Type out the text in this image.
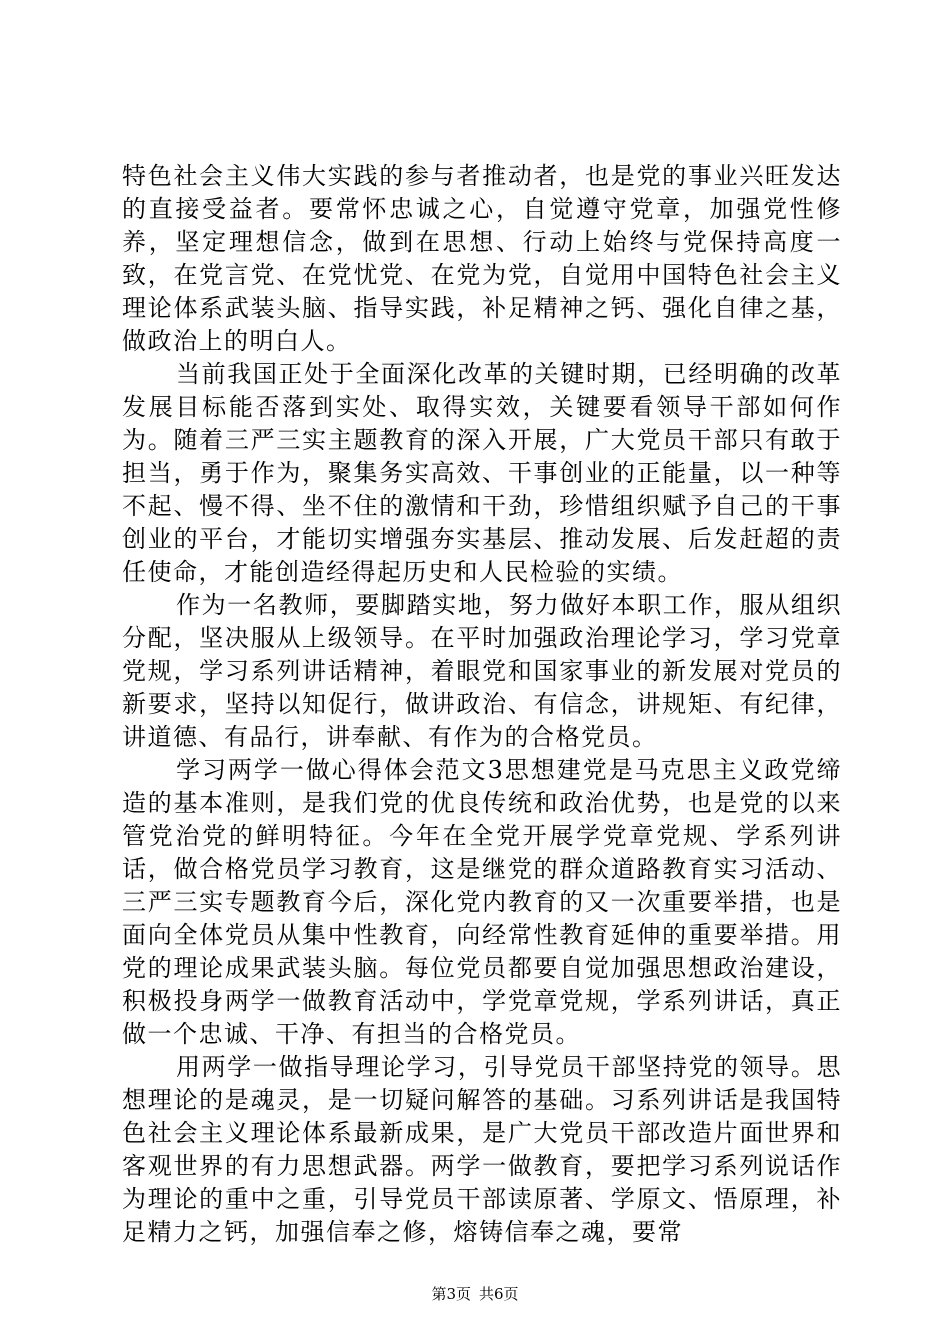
特色社会主义伟大实践的参与者推动者，也是党的事业兴旺发达的直接受益者。要常怀忠诚之心，自觉遵守党章，加强党性修养，坚定理想信念，做到在思想、行动上始终与党保持高度一致，在党言党、在党忧党、在党为党，自觉用中国特色社会主义理论体系武装头脑、指导实践，补足精神之钙、强化自律之基，做政治上的明白人。

当前我国正处于全面深化改革的关键时期，已经明确的改革发展目标能否落到实处、取得实效，关键要看领导干部如何作为。随着三严三实主题教育的深入开展，广大党员干部只有敢于担当，勇于作为，聚集务实高效、干事创业的正能量，以一种等不起、慢不得、坐不住的激情和干劲，珍惜组织赋予自己的干事创业的平台，才能切实增强夯实基层、推动发展、后发赶超的责任使命，才能创造经得起历史和人民检验的实绩。

作为一名教师，要脚踏实地，努力做好本职工作，服从组织分配，坚决服从上级领导。在平时加强政治理论学习，学习党章党规，学习系列讲话精神，着眼党和国家事业的新发展对党员的新要求，坚持以知促行，做讲政治、有信念，讲规矩、有纪律，讲道德、有品行，讲奉献、有作为的合格党员。

学习两学一做心得体会范文3思想建党是马克思主义政党缔造的基本准则，是我们党的优良传统和政治优势，也是党的以来管党治党的鲜明特征。今年在全党开展学党章党规、学系列讲话，做合格党员学习教育，这是继党的群众道路教育实习活动、三严三实专题教育今后，深化党内教育的又一次重要举措，也是面向全体党员从集中性教育，向经常性教育延伸的重要举措。用党的理论成果武装头脑。每位党员都要自觉加强思想政治建设，积极投身两学一做教育活动中，学党章党规，学系列讲话，真正做一个忠诚、干净、有担当的合格党员。

用两学一做指导理论学习，引导党员干部坚持党的领导。思想理论的是魂灵，是一切疑问解答的基础。习系列讲话是我国特色社会主义理论体系最新成果，是广大党员干部改造片面世界和客观世界的有力思想武器。两学一做教育，要把学习系列说话作为理论的重中之重，引导党员干部读原著、学原文、悟原理，补足精力之钙，加强信奉之修，熔铸信奉之魂，要常

第3页 共6页
